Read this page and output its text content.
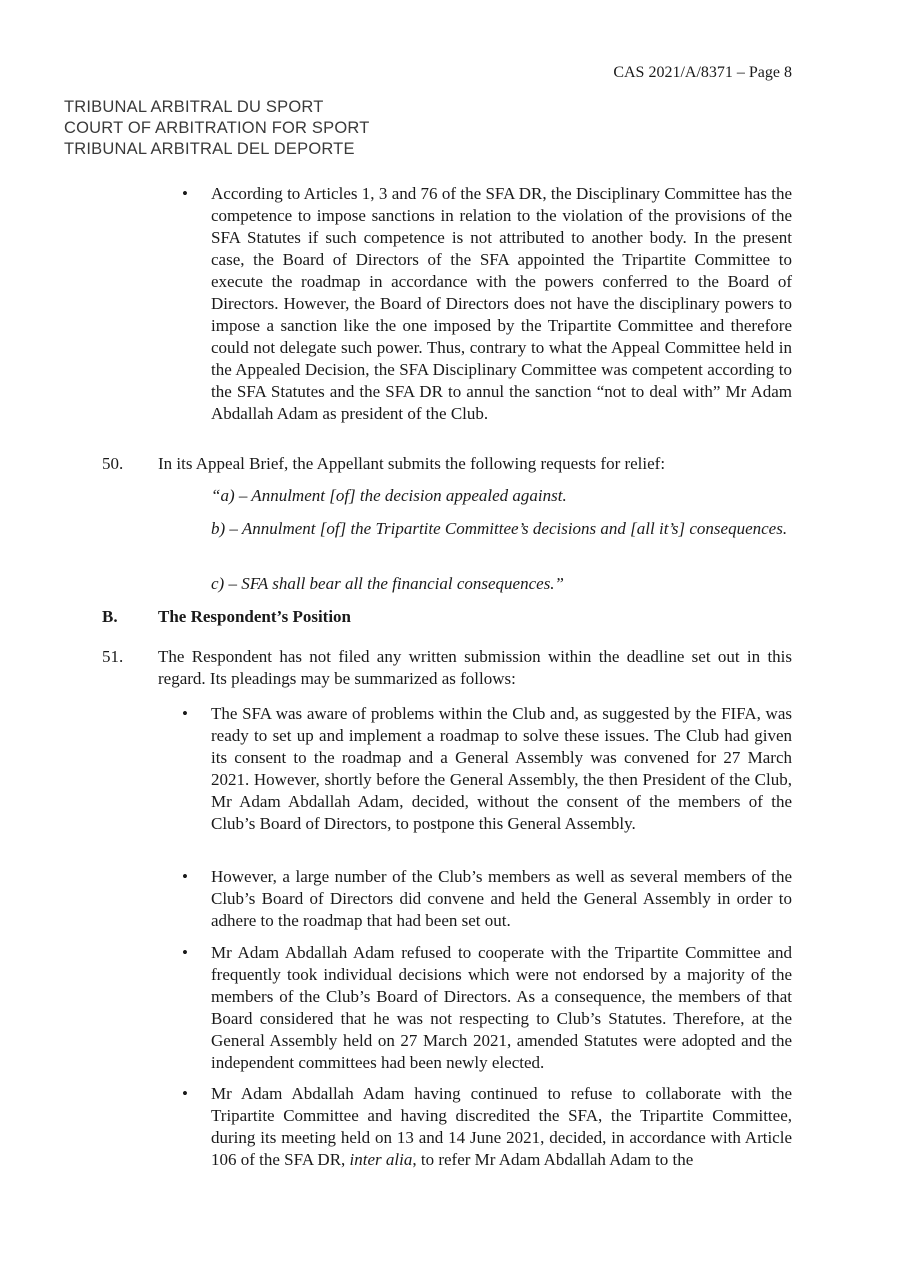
CAS 2021/A/8371 – Page 8
TRIBUNAL ARBITRAL DU SPORT
COURT OF ARBITRATION FOR SPORT
TRIBUNAL ARBITRAL DEL DEPORTE
• According to Articles 1, 3 and 76 of the SFA DR, the Disciplinary Committee has the competence to impose sanctions in relation to the violation of the provisions of the SFA Statutes if such competence is not attributed to another body. In the present case, the Board of Directors of the SFA appointed the Tripartite Committee to execute the roadmap in accordance with the powers conferred to the Board of Directors. However, the Board of Directors does not have the disciplinary powers to impose a sanction like the one imposed by the Tripartite Committee and therefore could not delegate such power. Thus, contrary to what the Appeal Committee held in the Appealed Decision, the SFA Disciplinary Committee was competent according to the SFA Statutes and the SFA DR to annul the sanction “not to deal with” Mr Adam Abdallah Adam as president of the Club.
50. In its Appeal Brief, the Appellant submits the following requests for relief:
“a) – Annulment [of] the decision appealed against.
b) – Annulment [of] the Tripartite Committee’s decisions and [all it’s] consequences.
c) – SFA shall bear all the financial consequences.”
B. The Respondent’s Position
51. The Respondent has not filed any written submission within the deadline set out in this regard. Its pleadings may be summarized as follows:
• The SFA was aware of problems within the Club and, as suggested by the FIFA, was ready to set up and implement a roadmap to solve these issues. The Club had given its consent to the roadmap and a General Assembly was convened for 27 March 2021. However, shortly before the General Assembly, the then President of the Club, Mr Adam Abdallah Adam, decided, without the consent of the members of the Club’s Board of Directors, to postpone this General Assembly.
• However, a large number of the Club’s members as well as several members of the Club’s Board of Directors did convene and held the General Assembly in order to adhere to the roadmap that had been set out.
• Mr Adam Abdallah Adam refused to cooperate with the Tripartite Committee and frequently took individual decisions which were not endorsed by a majority of the members of the Club’s Board of Directors. As a consequence, the members of that Board considered that he was not respecting to Club’s Statutes. Therefore, at the General Assembly held on 27 March 2021, amended Statutes were adopted and the independent committees had been newly elected.
• Mr Adam Abdallah Adam having continued to refuse to collaborate with the Tripartite Committee and having discredited the SFA, the Tripartite Committee, during its meeting held on 13 and 14 June 2021, decided, in accordance with Article 106 of the SFA DR, inter alia, to refer Mr Adam Abdallah Adam to the
